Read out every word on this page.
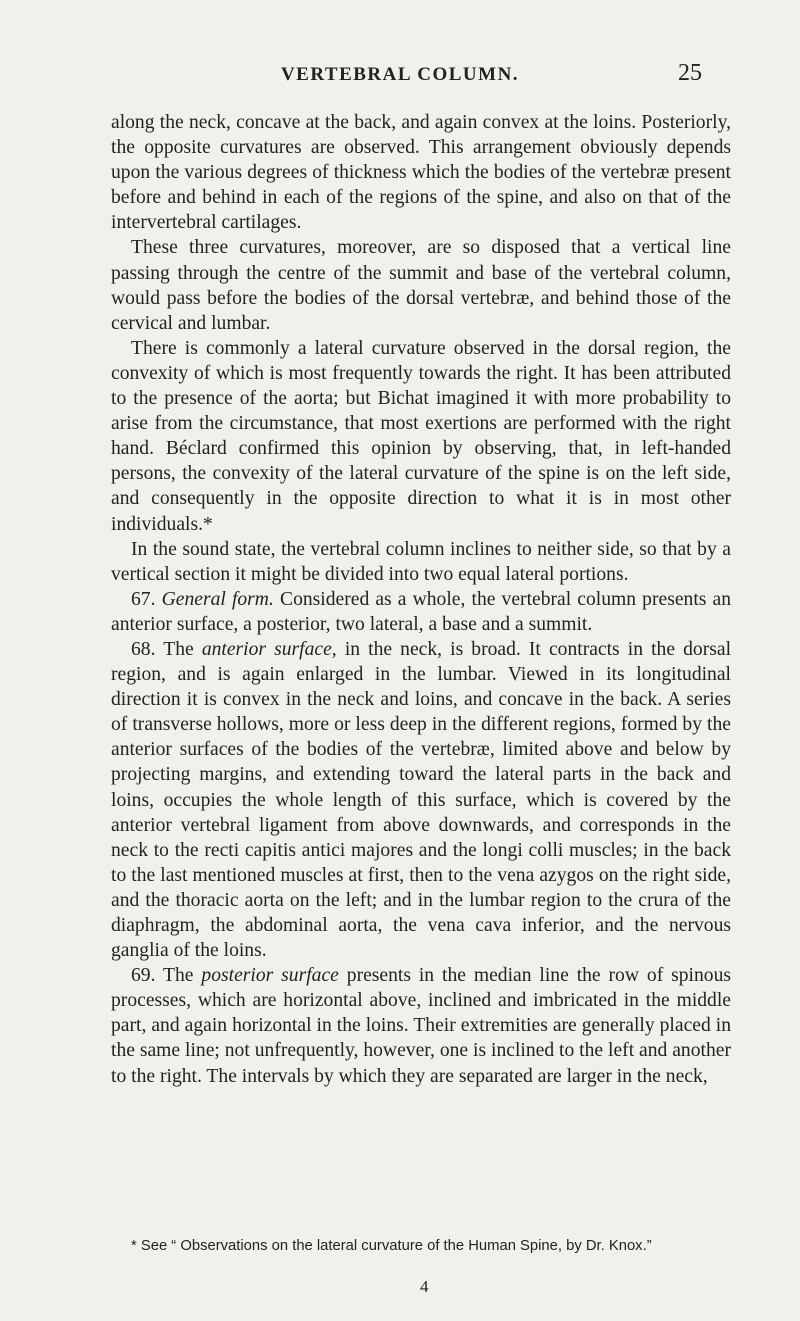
VERTEBRAL COLUMN.	25

along the neck, concave at the back, and again convex at the loins. Posteriorly, the opposite curvatures are observed. This arrangement obviously depends upon the various degrees of thickness which the bodies of the vertebræ present before and behind in each of the regions of the spine, and also on that of the intervertebral cartilages.

These three curvatures, moreover, are so disposed that a vertical line passing through the centre of the summit and base of the vertebral column, would pass before the bodies of the dorsal vertebræ, and behind those of the cervical and lumbar.

There is commonly a lateral curvature observed in the dorsal region, the convexity of which is most frequently towards the right. It has been attributed to the presence of the aorta; but Bichat imagined it with more probability to arise from the circumstance, that most exertions are performed with the right hand. Béclard confirmed this opinion by observing, that, in left-handed persons, the convexity of the lateral curvature of the spine is on the left side, and consequently in the opposite direction to what it is in most other individuals.*

In the sound state, the vertebral column inclines to neither side, so that by a vertical section it might be divided into two equal lateral portions.

67. General form. Considered as a whole, the vertebral column presents an anterior surface, a posterior, two lateral, a base and a summit.

68. The anterior surface, in the neck, is broad. It contracts in the dorsal region, and is again enlarged in the lumbar. Viewed in its longitudinal direction it is convex in the neck and loins, and concave in the back. A series of transverse hollows, more or less deep in the different regions, formed by the anterior surfaces of the bodies of the vertebræ, limited above and below by projecting margins, and extending toward the lateral parts in the back and loins, occupies the whole length of this surface, which is covered by the anterior vertebral ligament from above downwards, and corresponds in the neck to the recti capitis antici majores and the longi colli muscles; in the back to the last mentioned muscles at first, then to the vena azygos on the right side, and the thoracic aorta on the left; and in the lumbar region to the crura of the diaphragm, the abdominal aorta, the vena cava inferior, and the nervous ganglia of the loins.

69. The posterior surface presents in the median line the row of spinous processes, which are horizontal above, inclined and imbricated in the middle part, and again horizontal in the loins. Their extremities are generally placed in the same line; not unfrequently, however, one is inclined to the left and another to the right. The intervals by which they are separated are larger in the neck,

* See “ Observations on the lateral curvature of the Human Spine, by Dr. Knox.”

4
